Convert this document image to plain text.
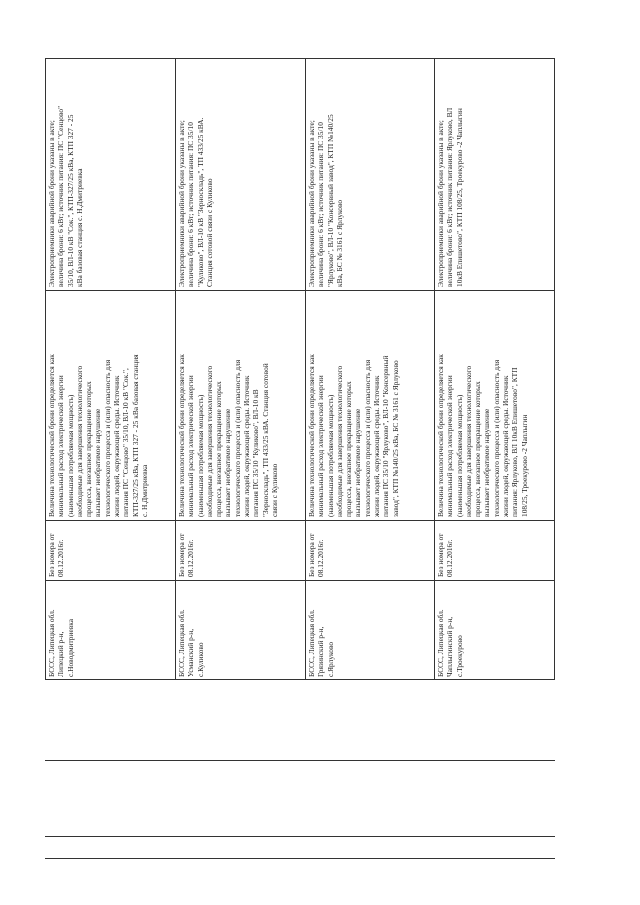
Электроприемники аварийной брони указаны в акте;
величина брони: 6 кВт; источник питания: ПС "Сенцово"
35/10, ВЛ-10 кВ "Сок.", КТП-327/25 кВа, КТП 327 - 25
кВа базовая станция с. Н.Дмитриевка
Величина технологической брони определяется как
минимальный расход электрической энергии
(наименьшая потребляемая мощность)
необходимые для завершения технологического
процесса, внезапное прекращение которых
вызывает необратимое нарушение
технологического процесса и (или) опасность для
жизни людей, окружающей среды. Источник
питания ПС "Сенцово" 35/10, ВЛ-10 кВ "Сок.",
КТП-327/25 кВа, КТП 327 - 25 кВа базовая станция
с. Н.Дмитриевка
Без номера от
08.12.2016г.
БССС, Липецкая обл.
Липецкий р-н,
с.Новодмитриевка
Электроприемники аварийной брони указаны в акте;
величина брони: 6 кВт; источник питания: ПС 35/10
"Куликово", ВЛ-10 кВ "Зерноскладь", ТП 433/25 кВА.
Станция сотовой связи с Куликово
Величина технологической брони определяется как
минимальный расход электрической энергии
(наименьшая потребляемая мощность)
необходимые для завершения технологического
процесса, внезапное прекращение которых
вызывает необратимое нарушение
технологического процесса и (или) опасность для
жизни людей, окружающей среды. Источник
питания ПС 35/10 "Куликово", ВЛ-10 кВ
"Зерноскладь", ТП 433/25 кВА. Станция сотовой
связи с Куликово
Без номера от
08.12.2016г.
БССС, Липецкая обл.
Усманский р-н,
с.Куликово
Электроприемники аварийной брони указаны в акте;
величина брони: 6 кВт; источник питания: ПС 35/10
"Ярлуково", ВЛ-10 "Консервный завод", КТП №140/25
кВа, БС № 3161 с Ярлуково
Величина технологической брони определяется как
минимальный расход электрической энергии
(наименьшая потребляемая мощность)
необходимые для завершения технологического
процесса, внезапное прекращение которых
вызывает необратимое нарушение
технологического процесса и (или) опасность для
жизни людей, окружающей среды. Источник
питания ПС 35/10 "Ярлуково", ВЛ-10 "Консервный
завод", КТП №140/25 кВа, БС № 3161 с Ярлуково
Без номера от
08.12.2016г.
БССС, Липецкая обл.
Грязинский р-н,
с.Ярлуково
Электроприемники аварийной брони указаны в акте;
величина брони: 6 кВт; источник питания: Ярлуково, ВЛ
10кВ Епишетово", КТП 108/25, Троекурово -2 Чаплыгин
Величина технологической брони определяется как
минимальный расход электрической энергии
(наименьшая потребляемая мощность)
необходимые для завершения технологического
процесса, внезапное прекращение которых
вызывает необратимое нарушение
технологического процесса и (или) опасность для
жизни людей, окружающей среды. Источник
питания: Ярлуково, ВЛ 10кВ Епишетово", КТП
108/25, Троекурово -2 Чаплыгин
Без номера от
08.12.2016г.
БССС, Липецкая обл.
Чаплыгинский р-н,
с.Троекурово
